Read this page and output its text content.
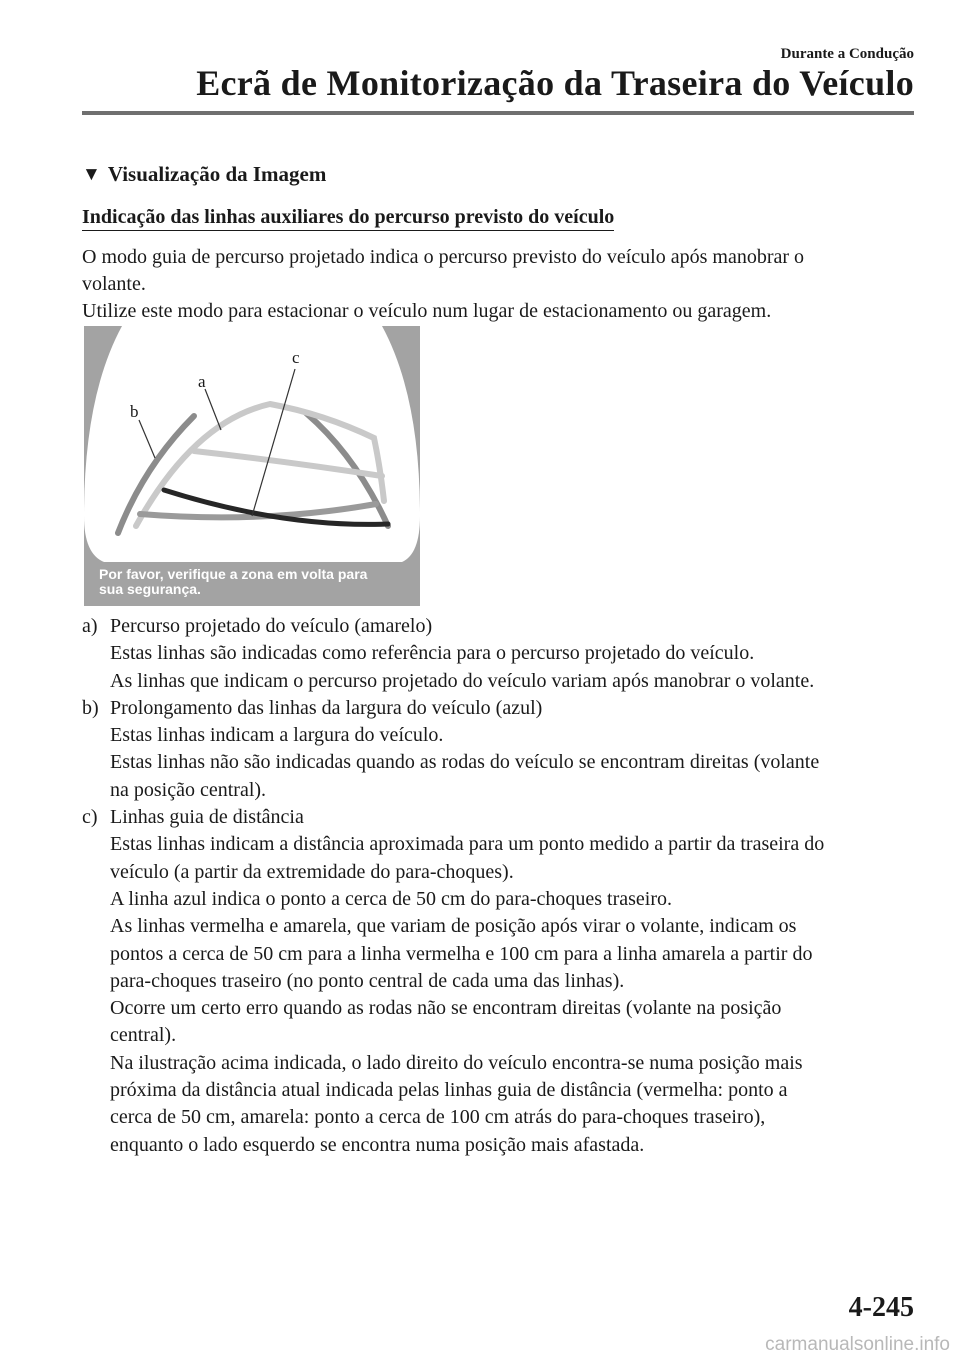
Durante a Condução
Ecrã de Monitorização da Traseira do Veículo
▼ Visualização da Imagem
Indicação das linhas auxiliares do percurso previsto do veículo

O modo guia de percurso projetado indica o percurso previsto do veículo após manobrar o
volante.
Utilize este modo para estacionar o veículo num lugar de estacionamento ou garagem.

c
a
b
Por favor, verifique a zona em volta para
sua segurança.
a) Percurso projetado do veículo (amarelo)
Estas linhas são indicadas como referência para o percurso projetado do veículo.
As linhas que indicam o percurso projetado do veículo variam após manobrar o volante.
b) Prolongamento das linhas da largura do veículo (azul)
Estas linhas indicam a largura do veículo.
Estas linhas não são indicadas quando as rodas do veículo se encontram direitas (volante
na posição central).
c) Linhas guia de distância
Estas linhas indicam a distância aproximada para um ponto medido a partir da traseira do
veículo (a partir da extremidade do para-choques).
A linha azul indica o ponto a cerca de 50 cm do para-choques traseiro.
As linhas vermelha e amarela, que variam de posição após virar o volante, indicam os
pontos a cerca de 50 cm para a linha vermelha e 100 cm para a linha amarela a partir do
para-choques traseiro (no ponto central de cada uma das linhas).
Ocorre um certo erro quando as rodas não se encontram direitas (volante na posição
central).
Na ilustração acima indicada, o lado direito do veículo encontra-se numa posição mais
próxima da distância atual indicada pelas linhas guia de distância (vermelha: ponto a
cerca de 50 cm, amarela: ponto a cerca de 100 cm atrás do para-choques traseiro),
enquanto o lado esquerdo se encontra numa posição mais afastada.
4-245
carmanualsonline.info
